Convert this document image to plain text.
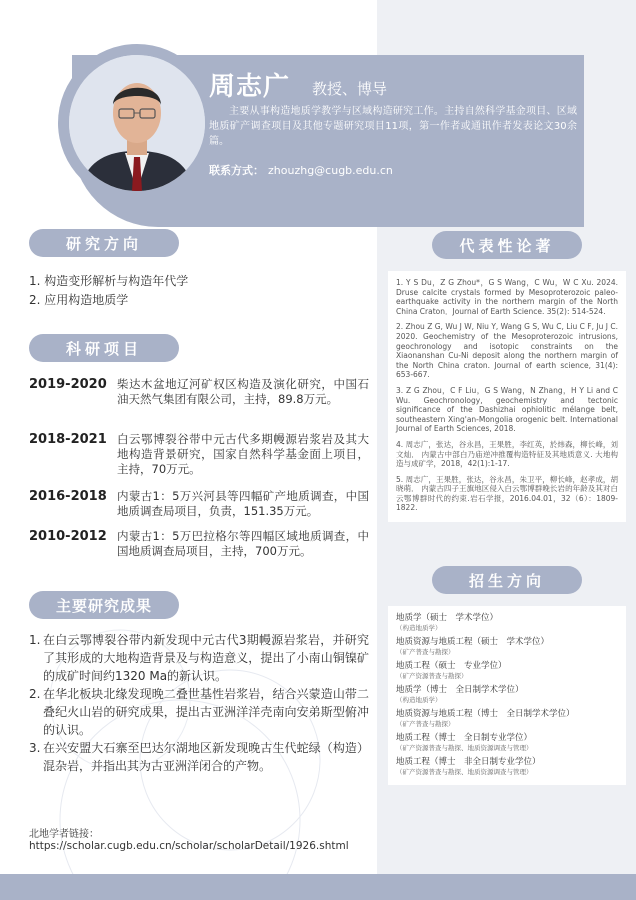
周志广 教授、博导
主要从事构造地质学教学与区域构造研究工作。主持自然科学基金项目、区域地质矿产调查项目及其他专题研究项目11项，第一作者或通讯作者发表论文30余篇。
联系方式： zhouzhg@cugb.edu.cn
研究方向
1. 构造变形解析与构造年代学
2. 应用构造地质学
科研项目
2019-2020 柴达木盆地辽河矿权区构造及演化研究，中国石油天然气集团有限公司，主持，89.8万元。
2018-2021 白云鄂博裂谷带中元古代多期幔源岩浆岩及其大地构造背景研究，国家自然科学基金面上项目，主持，70万元。
2016-2018 内蒙古1：5万兴河县等四幅矿产地质调查，中国地质调查局项目，负责，151.35万元。
2010-2012 内蒙古1：5万巴拉格尔等四幅区域地质调查，中国地质调查局项目，主持，700万元。
主要研究成果
1. 在白云鄂博裂谷带内新发现中元古代3期幔源岩浆岩，并研究了其形成的大地构造背景及与构造意义，提出了小南山铜镍矿的成矿时间约1320 Ma的新认识。
2. 在华北板块北缘发现晚二叠世基性岩浆岩，结合兴蒙造山带二叠纪火山岩的研究成果，提出古亚洲洋洋壳南向安弟斯型俯冲的认识。
3. 在兴安盟大石寨至巴达尔湖地区新发现晚古生代蛇绿（构造）混杂岩，并指出其为古亚洲洋闭合的产物。
北地学者链接：
https://scholar.cugb.edu.cn/scholar/scholarDetail/1926.shtml
代表性论著
1. Y S Du，Z G Zhou*，G S Wang，C Wu，W C Xu. 2024. Druse calcite crystals formed by Mesoproterozoic paleo-earthquake activity in the northern margin of the North China Craton．Journal of Earth Science. 35(2): 514-524.
2. Zhou Z G, Wu J W, Niu Y, Wang G S, Wu C, Liu C F, Ju J C. 2020. Geochemistry of the Mesoproterozoic intrusions, geochronology and isotopic constraints on the Xiaonanshan Cu-Ni deposit along the northern margin of the North China craton. Journal of earth science, 31(4): 653-667.
3. Z G Zhou，C F Liu，G S Wang，N Zhang，H Y Li and C Wu. Geochronology, geochemistry and tectonic significance of the Dashizhai ophiolitic mélange belt, southeastern Xing'an-Mongolia orogenic belt. International Journal of Earth Sciences, 2018.
4. 周志广，张达，谷永昌，王果胜，李红英，於炜森，柳长峰，刘文灿． 内蒙古中部白乃庙逆冲推覆构造特征及其地质意义. 大地构造与成矿学，2018，42(1):1-17.
5. 周志广，王果胜，张达，谷永昌，朱卫平，柳长峰，赵孝成，胡晓萌． 内蒙古四子王旗地区侵入白云鄂博群晚长岩的年龄及其对白云鄂博群时代的约束.岩石学报，2016.04.01，32（6）：1809-1822.
招生方向
地质学（硕士　学术学位）
（构造地质学）
地质资源与地质工程（硕士　学术学位）
（矿产普查与勘探）
地质工程（硕士　专业学位）
（矿产资源普查与勘探）
地质学（博士　全日制学术学位）
（构造地质学）
地质资源与地质工程（博士　全日制学术学位）
（矿产普查与勘探）
地质工程（博士　全日制专业学位）
（矿产资源普查与勘探、地质资源调查与管理）
地质工程（博士　非全日制专业学位）
（矿产资源普查与勘探、地质资源调查与管理）
